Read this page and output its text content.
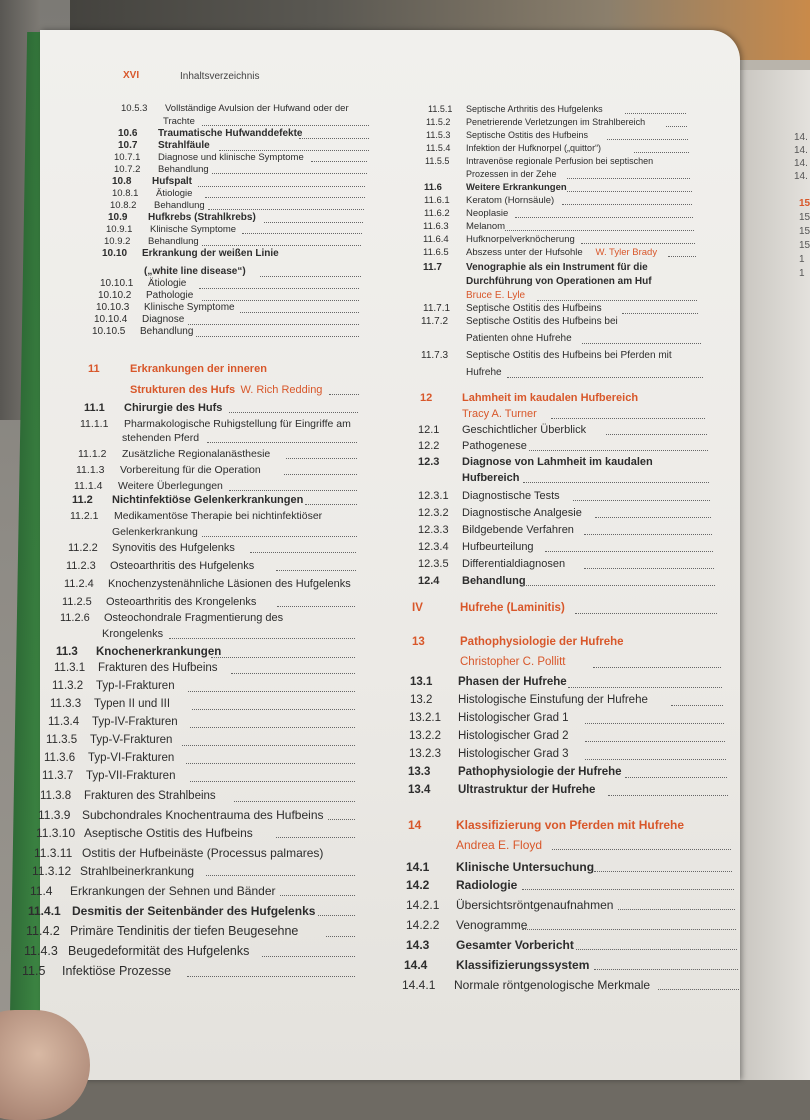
XVI	Inhaltsverzeichnis
10.5.3 Vollständige Avulsion der Hufwand oder der
Trachte
10.6 Traumatische Hufwanddefekte
10.7 Strahlfäule
10.7.1 Diagnose und klinische Symptome
10.7.2 Behandlung
10.8 Hufspalt
10.8.1 Ätiologie
10.8.2 Behandlung
10.9 Hufkrebs (Strahlkrebs)
10.9.1 Klinische Symptome
10.9.2 Behandlung
10.10 Erkrankung der weißen Linie
(„white line disease“)
10.10.1 Ätiologie
10.10.2 Pathologie
10.10.3 Klinische Symptome
10.10.4 Diagnose
10.10.5 Behandlung
11	Erkrankungen der inneren
Strukturen des Hufs W. Rich Redding
11.1 Chirurgie des Hufs
11.1.1 Pharmakologische Ruhigstellung für Eingriffe am
stehenden Pferd
11.1.2 Zusätzliche Regionalanästhesie
11.1.3 Vorbereitung für die Operation
11.1.4 Weitere Überlegungen
11.2 Nichtinfektiöse Gelenkerkrankungen
11.2.1 Medikamentöse Therapie bei nichtinfektiöser
Gelenkerkrankung
11.2.2 Synovitis des Hufgelenks
11.2.3 Osteoarthritis des Hufgelenks
11.2.4 Knochenzystenähnliche Läsionen des Hufgelenks
11.2.5 Osteoarthritis des Krongelenks
11.2.6 Osteochondrale Fragmentierung des
Krongelenks
11.3 Knochenerkrankungen
11.3.1 Frakturen des Hufbeins
11.3.2 Typ-I-Frakturen
11.3.3 Typen II und III
11.3.4 Typ-IV-Frakturen
11.3.5 Typ-V-Frakturen
11.3.6 Typ-VI-Frakturen
11.3.7 Typ-VII-Frakturen
11.3.8 Frakturen des Strahlbeins
11.3.9 Subchondrales Knochentrauma des Hufbeins
11.3.10 Aseptische Ostitis des Hufbeins
11.3.11 Ostitis der Hufbeinäste (Processus palmares)
11.3.12 Strahlbeinerkrankung
11.4 Erkrankungen der Sehnen und Bänder
11.4.1 Desmitis der Seitenbänder des Hufgelenks
11.4.2 Primäre Tendinitis der tiefen Beugesehne
11.4.3 Beugedeformität des Hufgelenks
11.5 Infektiöse Prozesse
11.5.1 Septische Arthritis des Hufgelenks
11.5.2 Penetrierende Verletzungen im Strahlbereich
11.5.3 Septische Ostitis des Hufbeins
11.5.4 Infektion der Hufknorpel („quittor“)
11.5.5 Intravenöse regionale Perfusion bei septischen
Prozessen in der Zehe
11.6	Weitere Erkrankungen
11.6.1 Keratom (Hornsäule)
11.6.2 Neoplasie
11.6.3 Melanom
11.6.4 Hufknorpelverknöcherung
11.6.5 Abszess unter der Hufsohle W. Tyler Brady
11.7 Venographie als ein Instrument für die
Durchführung von Operationen am Huf
Bruce E. Lyle
11.7.1 Septische Ostitis des Hufbeins
11.7.2 Septische Ostitis des Hufbeins bei
Patienten ohne Hufrehe
11.7.3 Septische Ostitis des Hufbeins bei Pferden mit
Hufrehe
12	Lahmheit im kaudalen Hufbereich
Tracy A. Turner
12.1 Geschichtlicher Überblick
12.2 Pathogenese
12.3 Diagnose von Lahmheit im kaudalen
Hufbereich
12.3.1 Diagnostische Tests
12.3.2 Diagnostische Analgesie
12.3.3 Bildgebende Verfahren
12.3.4 Hufbeurteilung
12.3.5 Differentialdiagnosen
12.4 Behandlung
IV	Hufrehe (Laminitis)
13	Pathophysiologie der Hufrehe
Christopher C. Pollitt
13.1 Phasen der Hufrehe
13.2 Histologische Einstufung der Hufrehe
13.2.1 Histologischer Grad 1
13.2.2 Histologischer Grad 2
13.2.3 Histologischer Grad 3
13.3 Pathophysiologie der Hufrehe
13.4 Ultrastruktur der Hufrehe
14	Klassifizierung von Pferden mit Hufrehe
Andrea E. Floyd
14.1 Klinische Untersuchung
14.2 Radiologie
14.2.1 Übersichtsröntgenaufnahmen
14.2.2 Venogramme
14.3 Gesamter Vorbericht
14.4 Klassifizierungssystem
14.4.1 Normale röntgenologische Merkmale
14.
14.
14.
14.
15
15
15
15
1
1
